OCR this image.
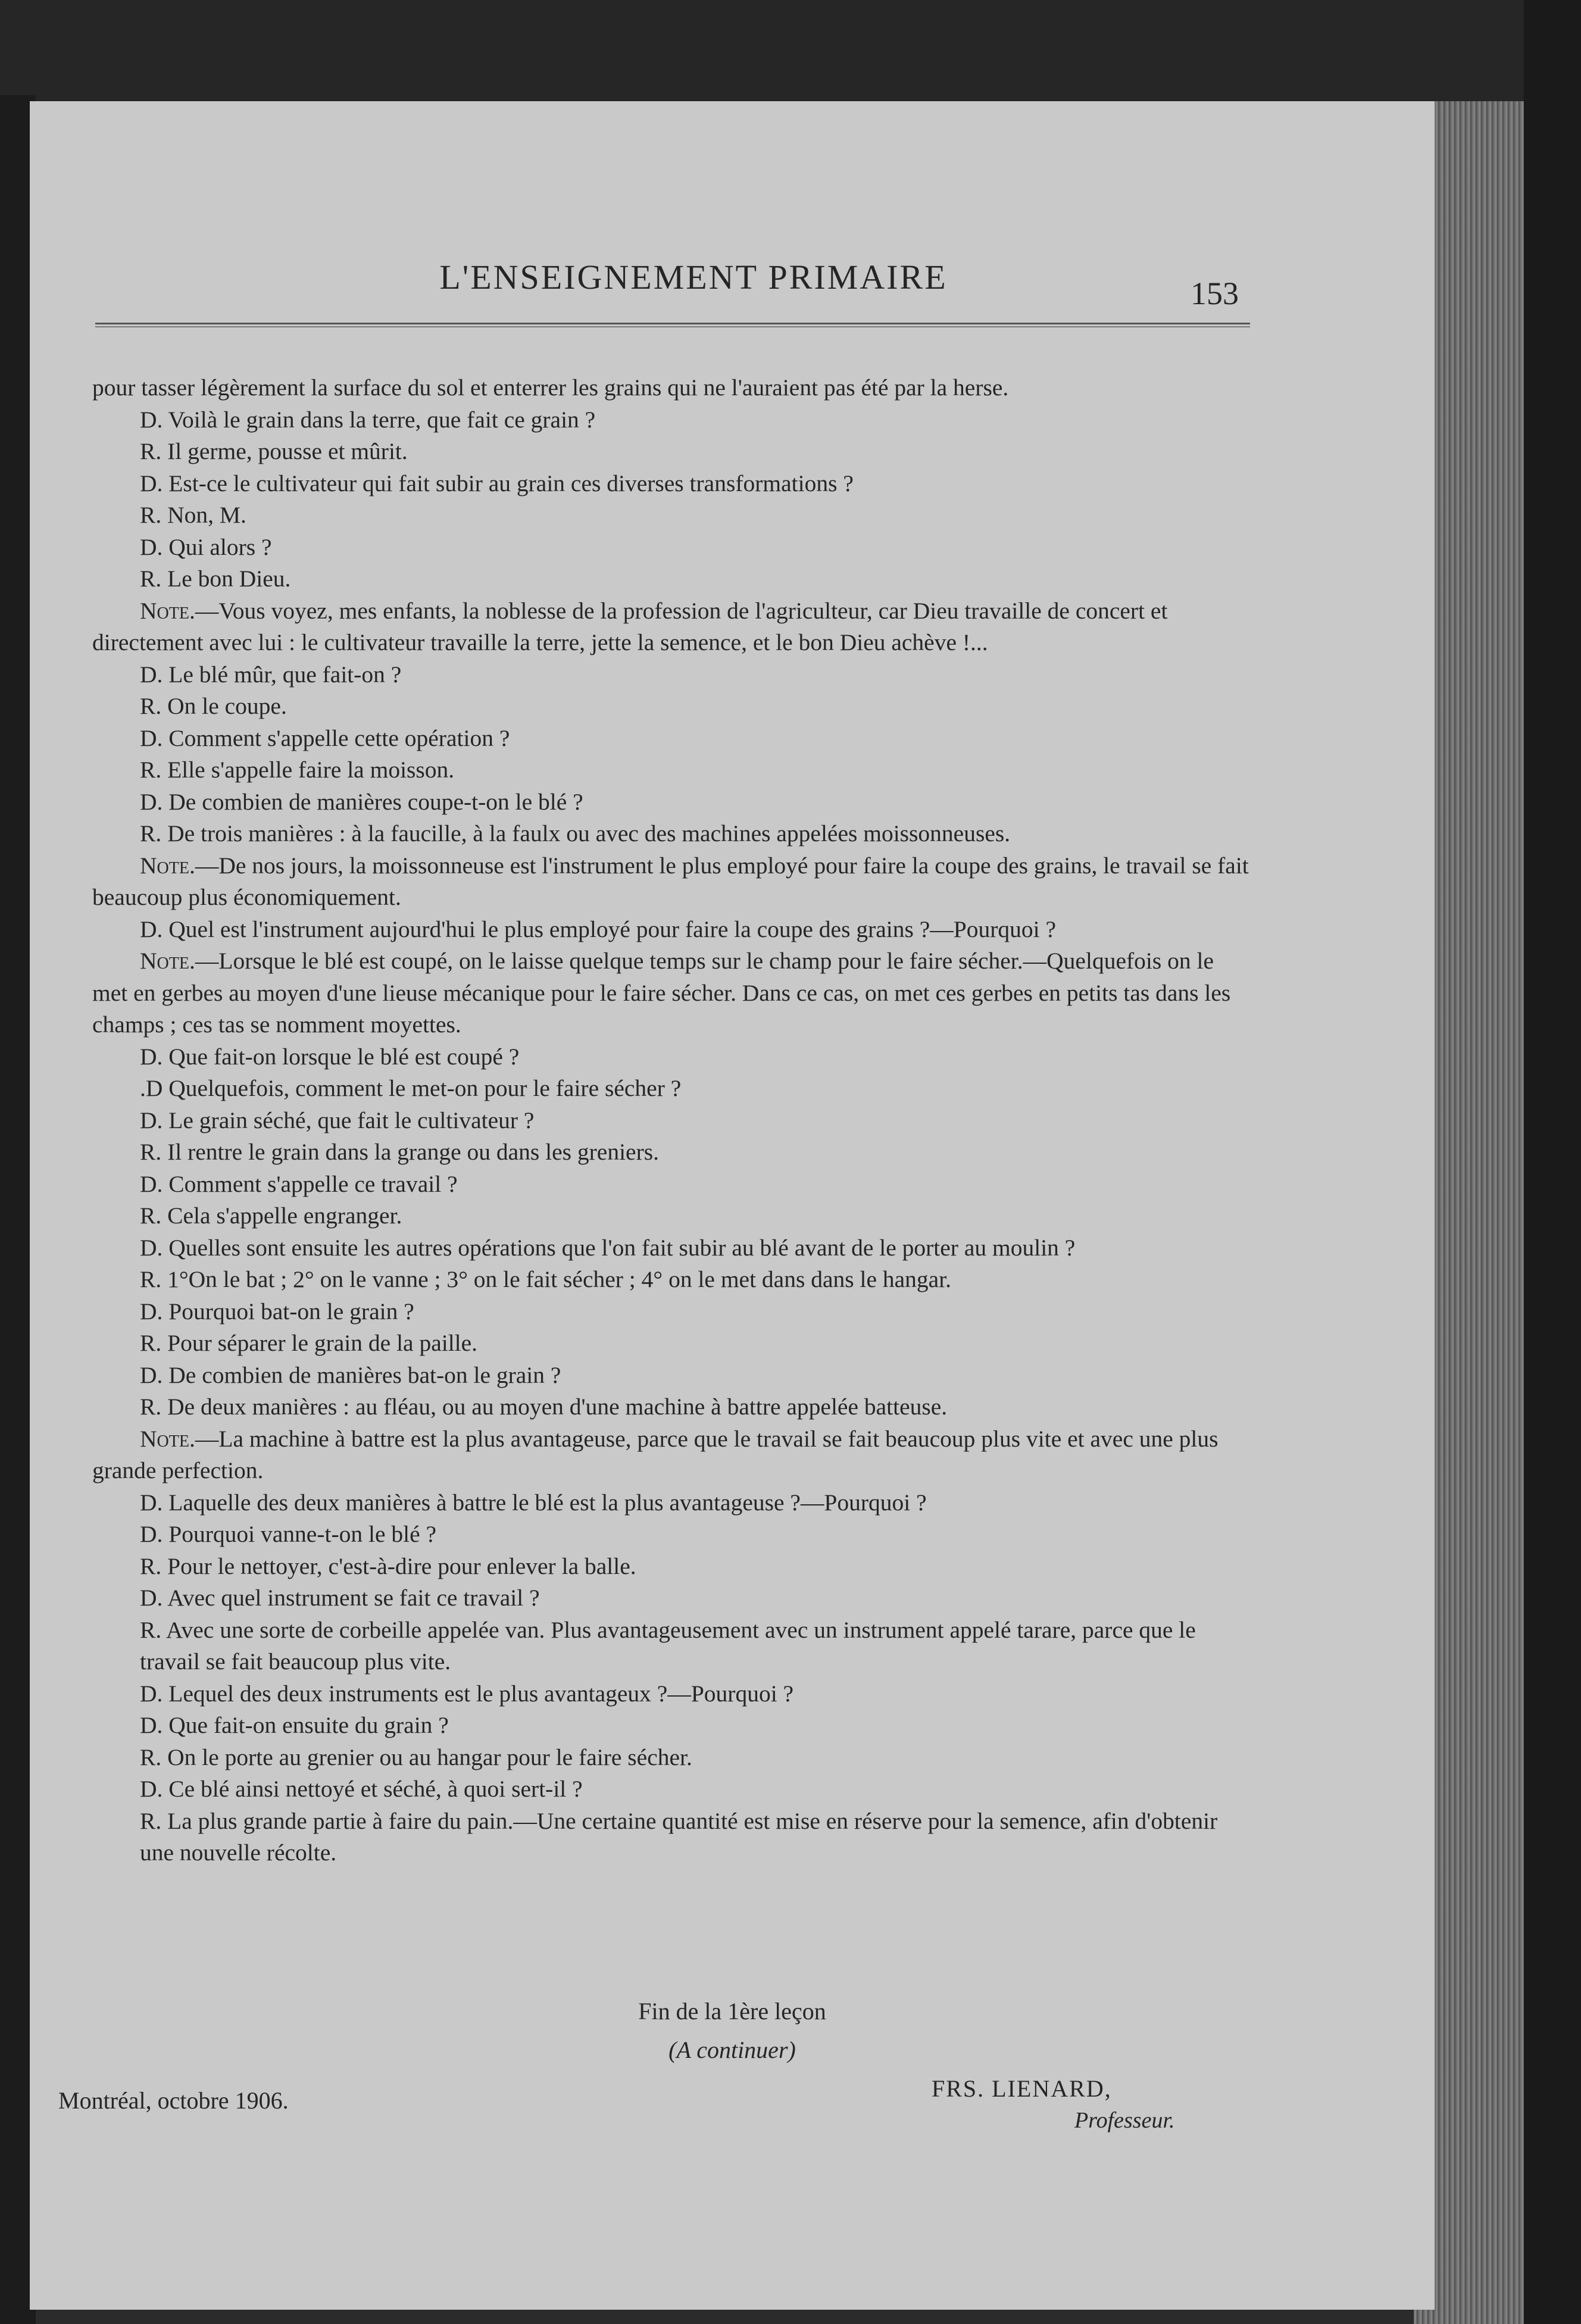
L'ENSEIGNEMENT PRIMAIRE	153

pour tasser légèrement la surface du sol et enterrer les grains qui ne l'auraient pas été par la herse.

D. Voilà le grain dans la terre, que fait ce grain ?

R. Il germe, pousse et mûrit.

D. Est-ce le cultivateur qui fait subir au grain ces diverses transformations ?

R. Non, M.

D. Qui alors ?

R. Le bon Dieu.

Note.—Vous voyez, mes enfants, la noblesse de la profession de l'agriculteur, car Dieu travaille de concert et directement avec lui : le cultivateur travaille la terre, jette la semence, et le bon Dieu achève !...

D. Le blé mûr, que fait-on ?

R. On le coupe.

D. Comment s'appelle cette opération ?

R. Elle s'appelle faire la moisson.

D. De combien de manières coupe-t-on le blé ?

R. De trois manières : à la faucille, à la faulx ou avec des machines appelées moissonneuses.

Note.—De nos jours, la moissonneuse est l'instrument le plus employé pour faire la coupe des grains, le travail se fait beaucoup plus économiquement.

D. Quel est l'instrument aujourd'hui le plus employé pour faire la coupe des grains ?—Pourquoi ?

Note.—Lorsque le blé est coupé, on le laisse quelque temps sur le champ pour le faire sécher.—Quelquefois on le met en gerbes au moyen d'une lieuse mécanique pour le faire sécher. Dans ce cas, on met ces gerbes en petits tas dans les champs ; ces tas se nomment moyettes.

D. Que fait-on lorsque le blé est coupé ?

.D Quelquefois, comment le met-on pour le faire sécher ?

D. Le grain séché, que fait le cultivateur ?

R. Il rentre le grain dans la grange ou dans les greniers.

D. Comment s'appelle ce travail ?

R. Cela s'appelle engranger.

D. Quelles sont ensuite les autres opérations que l'on fait subir au blé avant de le porter au moulin ?

R. 1°On le bat ; 2° on le vanne ; 3° on le fait sécher ; 4° on le met dans dans le hangar.

D. Pourquoi bat-on le grain ?

R. Pour séparer le grain de la paille.

D. De combien de manières bat-on le grain ?

R. De deux manières : au fléau, ou au moyen d'une machine à battre appelée batteuse.

Note.—La machine à battre est la plus avantageuse, parce que le travail se fait beaucoup plus vite et avec une plus grande perfection.

D. Laquelle des deux manières à battre le blé est la plus avantageuse ?—Pourquoi ?

D. Pourquoi vanne-t-on le blé ?

R. Pour le nettoyer, c'est-à-dire pour enlever la balle.

D. Avec quel instrument se fait ce travail ?

R. Avec une sorte de corbeille appelée van. Plus avantageusement avec un instrument appelé tarare, parce que le travail se fait beaucoup plus vite.

D. Lequel des deux instruments est le plus avantageux ?—Pourquoi ?

D. Que fait-on ensuite du grain ?

R. On le porte au grenier ou au hangar pour le faire sécher.

D. Ce blé ainsi nettoyé et séché, à quoi sert-il ?

R. La plus grande partie à faire du pain.—Une certaine quantité est mise en réserve pour la semence, afin d'obtenir une nouvelle récolte.

Fin de la 1ère leçon
(A continuer)
Montréal, octobre 1906.	FRS. LIENARD,
Professeur.
